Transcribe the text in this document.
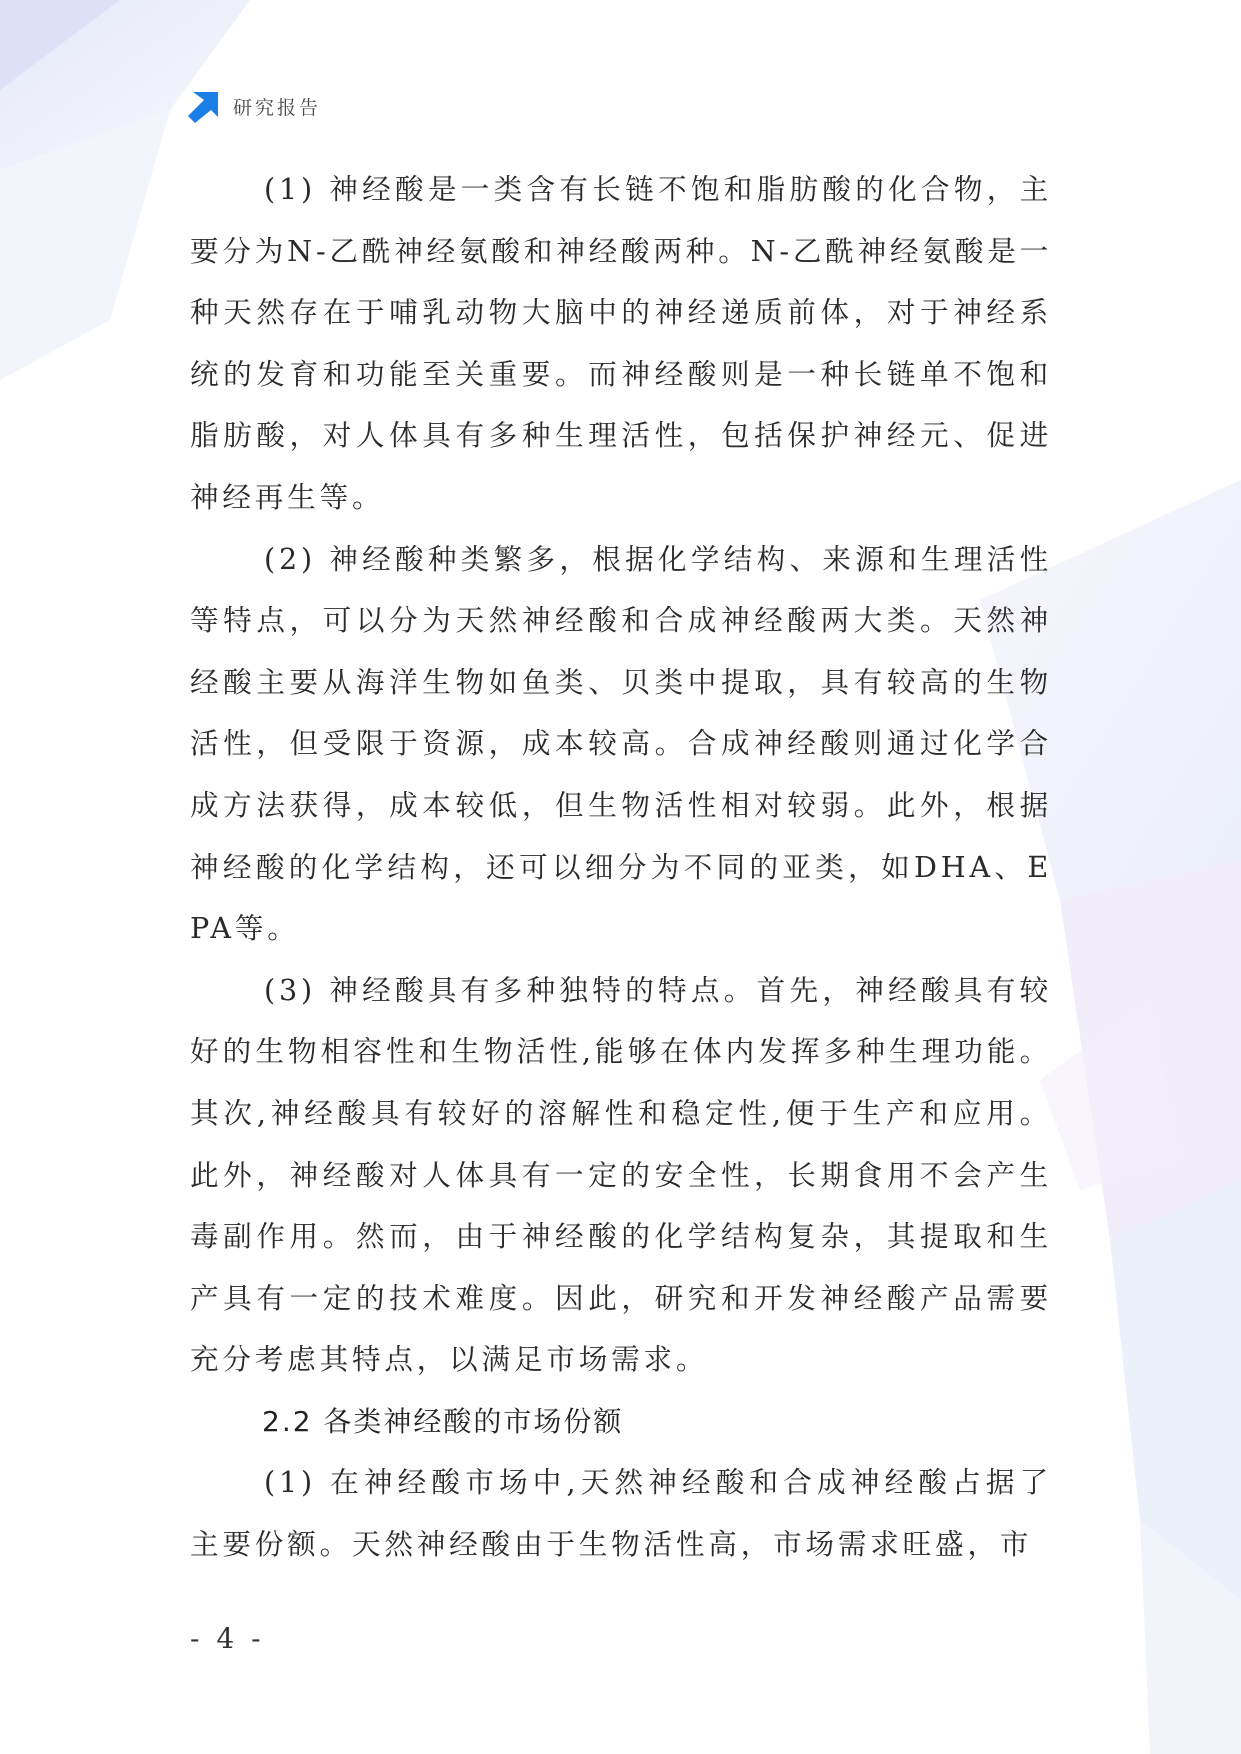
研究报告

(1) 神经酸是一类含有长链不饱和脂肪酸的化合物，主要分为N-乙酰神经氨酸和神经酸两种。N-乙酰神经氨酸是一种天然存在于哺乳动物大脑中的神经递质前体，对于神经系统的发育和功能至关重要。而神经酸则是一种长链单不饱和脂肪酸，对人体具有多种生理活性，包括保护神经元、促进神经再生等。

(2) 神经酸种类繁多，根据化学结构、来源和生理活性等特点，可以分为天然神经酸和合成神经酸两大类。天然神经酸主要从海洋生物如鱼类、贝类中提取，具有较高的生物活性，但受限于资源，成本较高。合成神经酸则通过化学合成方法获得，成本较低，但生物活性相对较弱。此外，根据神经酸的化学结构，还可以细分为不同的亚类，如DHA、EPA等。

(3) 神经酸具有多种独特的特点。首先，神经酸具有较好的生物相容性和生物活性,能够在体内发挥多种生理功能。其次,神经酸具有较好的溶解性和稳定性,便于生产和应用。此外，神经酸对人体具有一定的安全性，长期食用不会产生毒副作用。然而，由于神经酸的化学结构复杂，其提取和生产具有一定的技术难度。因此，研究和开发神经酸产品需要充分考虑其特点，以满足市场需求。

2.2 各类神经酸的市场份额

(1) 在神经酸市场中,天然神经酸和合成神经酸占据了主要份额。天然神经酸由于生物活性高，市场需求旺盛，市

- 4 -
